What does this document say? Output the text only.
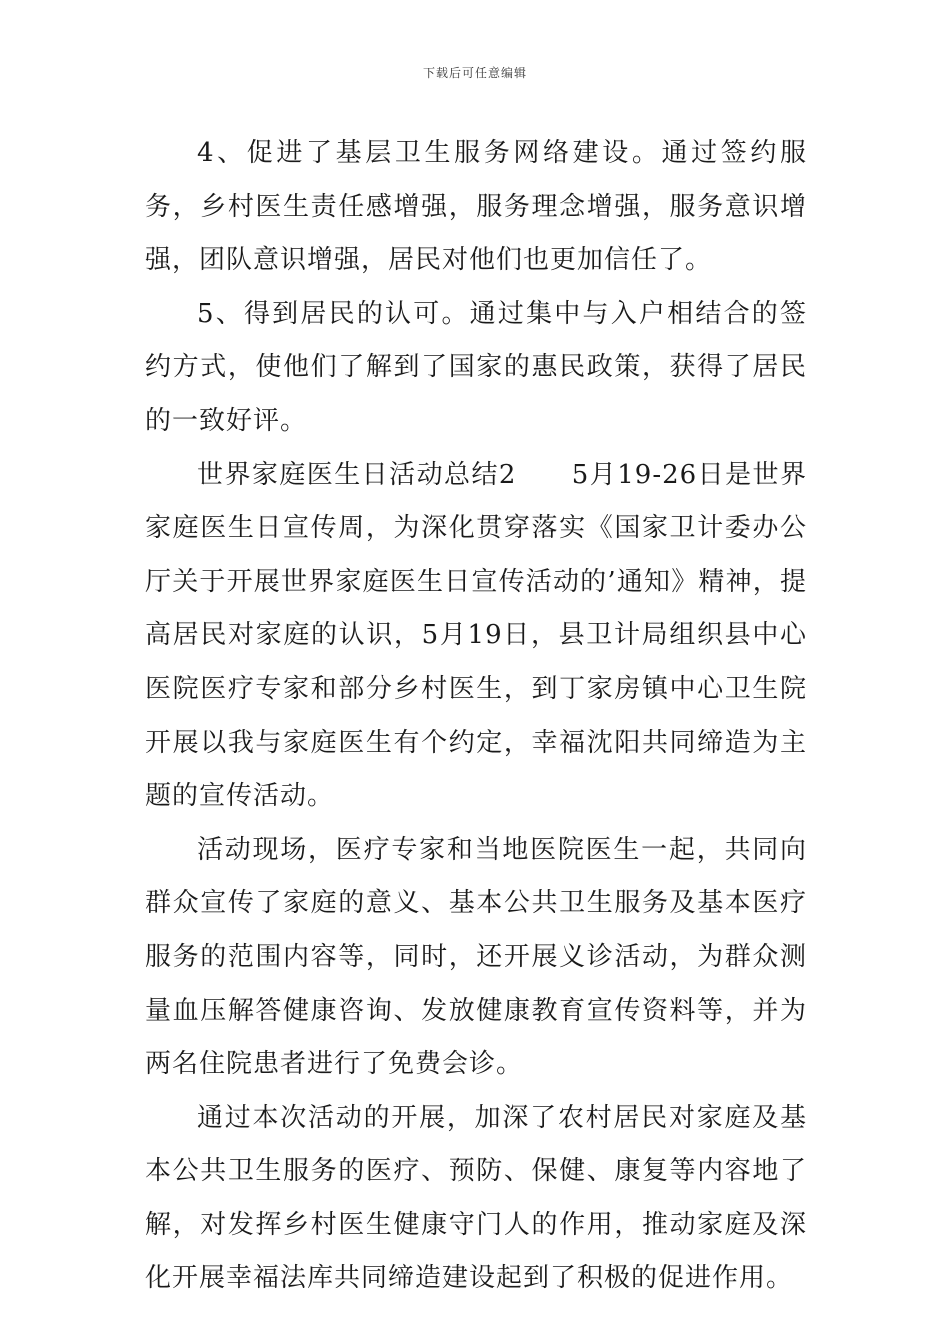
下载后可任意编辑

4、促进了基层卫生服务网络建设。通过签约服务，乡村医生责任感增强，服务理念增强，服务意识增强，团队意识增强，居民对他们也更加信任了。

5、得到居民的认可。通过集中与入户相结合的签约方式，使他们了解到了国家的惠民政策，获得了居民的一致好评。

世界家庭医生日活动总结2　　5月19-26日是世界家庭医生日宣传周，为深化贯穿落实《国家卫计委办公厅关于开展世界家庭医生日宣传活动的’通知》精神，提高居民对家庭的认识，5月19日，县卫计局组织县中心医院医疗专家和部分乡村医生，到丁家房镇中心卫生院开展以我与家庭医生有个约定，幸福沈阳共同缔造为主题的宣传活动。

活动现场，医疗专家和当地医院医生一起，共同向群众宣传了家庭的意义、基本公共卫生服务及基本医疗服务的范围内容等，同时，还开展义诊活动，为群众测量血压解答健康咨询、发放健康教育宣传资料等，并为两名住院患者进行了免费会诊。

通过本次活动的开展，加深了农村居民对家庭及基本公共卫生服务的医疗、预防、保健、康复等内容地了解，对发挥乡村医生健康守门人的作用，推动家庭及深化开展幸福法库共同缔造建设起到了积极的促进作用。
